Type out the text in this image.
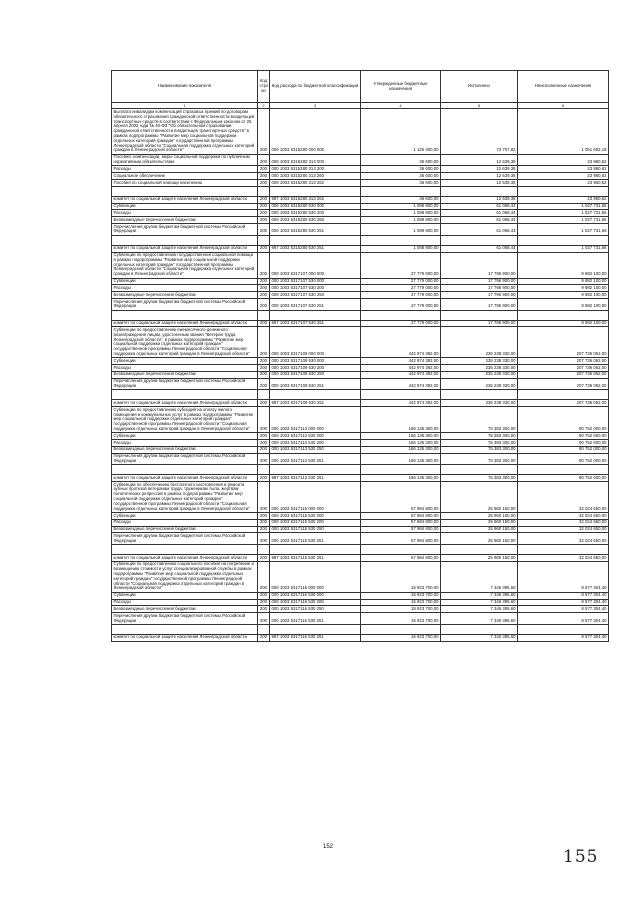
Наименование показателя	Код стро ки	Код расхода по бюджетной классификации	Утвержденные бюджетные назначения	Исполнено	Неисполненные назначения
1	2	3	4	5	6
Выплата инвалидам компенсаций страховых премий по договорам обязательного страхования гражданской ответственности владельцев транспортных средств в соответствии с Федеральным законом от 25 апреля 2002 года № 40-ФЗ "Об обязательном страховании гражданской ответственности владельцев транспортных средств" в рамках подпрограммы "Развитие мер социальной поддержки отдельных категорий граждан" государственной программы Ленинградской области "Социальная поддержка отдельных категорий граждан в Ленинградской области"	200	000 1003 5315280 000 000	1 125 400,00	73 707,82	1 051 692,18
Пособия, компенсации, меры социальной поддержки по публичным нормативным обязательствам	200	000 1003 5315280 313 000	36 600,00	12 639,38	23 960,62
Расходы	200	000 1003 5315280 313 200	36 600,00	12 639,38	23 960,62
Социальное обеспечение	200	000 1003 5315280 313 260	36 600,00	12 639,38	23 960,62
Пособия по социальной помощи населению	200	000 1003 5315280 313 262	36 600,00	12 639,38	23 960,62

комитет по социальной защите населения Ленинградской области	200	987 1003 5315280 313 262	36 600,00	12 639,38	23 960,62
Субвенции	200	000 1003 5315280 530 000	1 088 800,00	61 068,44	1 027 731,56
Расходы	200	000 1003 5315280 530 200	1 088 800,00	61 068,44	1 027 731,56
Безвозмездные перечисления бюджетам	200	000 1003 5315280 530 250	1 088 800,00	61 068,44	1 027 731,56
Перечисления другим бюджетам бюджетной системы Российской Федерации	200	000 1003 5315280 530 251	1 088 800,00	61 068,44	1 027 731,56

комитет по социальной защите населения Ленинградской области	200	987 1003 5315280 530 251	1 088 800,00	61 068,44	1 027 731,56
Субвенции по предоставлению государственной социальной помощи в рамках подпрограммы "Развитие мер социальной поддержки отдельных категорий граждан" государственной программы Ленинградской области "Социальная поддержка отдельных категорий граждан в Ленинградской области"	200	000 1003 5317107 000 000	27 779 000,00	17 796 900,00	9 982 100,00
Субвенции	200	000 1003 5317107 530 000	27 779 000,00	17 796 900,00	9 982 100,00
Расходы	200	000 1003 5317107 530 200	27 779 000,00	17 796 900,00	9 982 100,00
Безвозмездные перечисления бюджетам	200	000 1003 5317107 530 250	27 779 000,00	17 796 900,00	9 982 100,00
Перечисления другим бюджетам бюджетной системы Российской Федерации	200	000 1003 5317107 530 251	27 779 000,00	17 796 900,00	9 982 100,00

комитет по социальной защите населения Ленинградской области	200	987 1003 5317107 530 251	27 779 000,00	17 796 900,00	9 982 100,00
Субвенции по предоставлению ежемесячного денежного вознаграждения лицам, удостоенным звания "Ветеран труда Ленинградской области", в рамках подпрограммы "Развитие мер социальной поддержки отдельных категорий граждан" государственной программы Ленинградской области "Социальная поддержка отдельных категорий граждан в Ленинградской области"	200	000 1003 5317109 000 000	442 974 392,00	235 238 330,00	207 736 062,00
Субвенции	200	000 1003 5317109 530 000	442 974 392,00	235 238 330,00	207 736 062,00
Расходы	200	000 1003 5317109 530 200	442 974 392,00	235 238 330,00	207 736 062,00
Безвозмездные перечисления бюджетам	200	000 1003 5317109 530 250	442 974 392,00	235 238 330,00	207 736 062,00
Перечисления другим бюджетам бюджетной системы Российской Федерации	200	000 1003 5317109 530 251	442 974 392,00	235 238 330,00	207 736 062,00

комитет по социальной защите населения Ленинградской области	200	987 1003 5317109 530 251	442 974 392,00	235 238 330,00	207 736 062,00
Субвенции по предоставлению субсидий на оплату жилого помещения и коммунальных услуг в рамках подпрограммы "Развитие мер социальной поддержки отдельных категорий граждан" государственной программы Ленинградской области "Социальная поддержка отдельных категорий граждан в Ленинградской области"	200	000 1003 5317113 000 000	166 135 300,00	75 383 300,00	90 752 000,00
Субвенции	200	000 1003 5317113 530 000	166 135 300,00	75 383 300,00	90 752 000,00
Расходы	200	000 1003 5317113 530 200	166 135 300,00	75 383 300,00	90 752 000,00
Безвозмездные перечисления бюджетам	200	000 1003 5317113 530 250	166 135 300,00	75 383 300,00	90 752 000,00
Перечисления другим бюджетам бюджетной системы Российской Федерации	200	000 1003 5317113 530 251	166 135 300,00	75 383 300,00	90 752 000,00

комитет по социальной защите населения Ленинградской области	200	987 1003 5317113 530 251	166 135 300,00	75 383 300,00	90 752 000,00
Субвенции по обеспечению бесплатного изготовления и ремонта зубных протезов ветеранам труда, труженикам тыла, жертвам политических репрессий в рамках подпрограммы "Развитие мер социальной поддержки отдельных категорий граждан" государственной программы Ленинградской области "Социальная поддержка отдельных категорий граждан в Ленинградской области"	200	000 1003 5317115 000 000	57 984 800,00	25 960 150,00	32 024 650,00
Субвенции	200	000 1003 5317115 530 000	57 984 800,00	25 960 150,00	32 024 650,00
Расходы	200	000 1003 5317115 530 200	57 984 800,00	25 960 150,00	32 024 650,00
Безвозмездные перечисления бюджетам	200	000 1003 5317115 530 250	57 984 800,00	25 960 150,00	32 024 650,00
Перечисления другим бюджетам бюджетной системы Российской Федерации	200	000 1003 5317115 530 251	57 984 800,00	25 960 150,00	32 024 650,00

комитет по социальной защите населения Ленинградской области	200	987 1003 5317115 530 251	57 984 800,00	25 960 150,00	32 024 650,00
Субвенции по предоставлению социального пособия на погребение и возмещению стоимости услуг специализированной службы в рамках подпрограммы "Развитие мер социальной поддержки отдельных категорий граждан" государственной программы Ленинградской области "Социальная поддержка отдельных категорий граждан в Ленинградской области"	200	000 1003 5317116 000 000	15 923 700,00	7 346 395,60	8 577 304,40
Субвенции	200	000 1003 5317116 530 000	15 923 700,00	7 346 395,60	8 577 304,40
Расходы	200	000 1003 5317116 530 200	15 923 700,00	7 346 395,60	8 577 304,40
Безвозмездные перечисления бюджетам	200	000 1003 5317116 530 250	15 923 700,00	7 346 395,60	8 577 304,40
Перечисления другим бюджетам бюджетной системы Российской Федерации	200	000 1003 5317116 530 251	15 923 700,00	7 346 395,60	8 577 304,40

комитет по социальной защите населения Ленинградской области	200	987 1003 5317116 530 251	15 923 700,00	7 346 395,60	8 577 304,40
152	155
